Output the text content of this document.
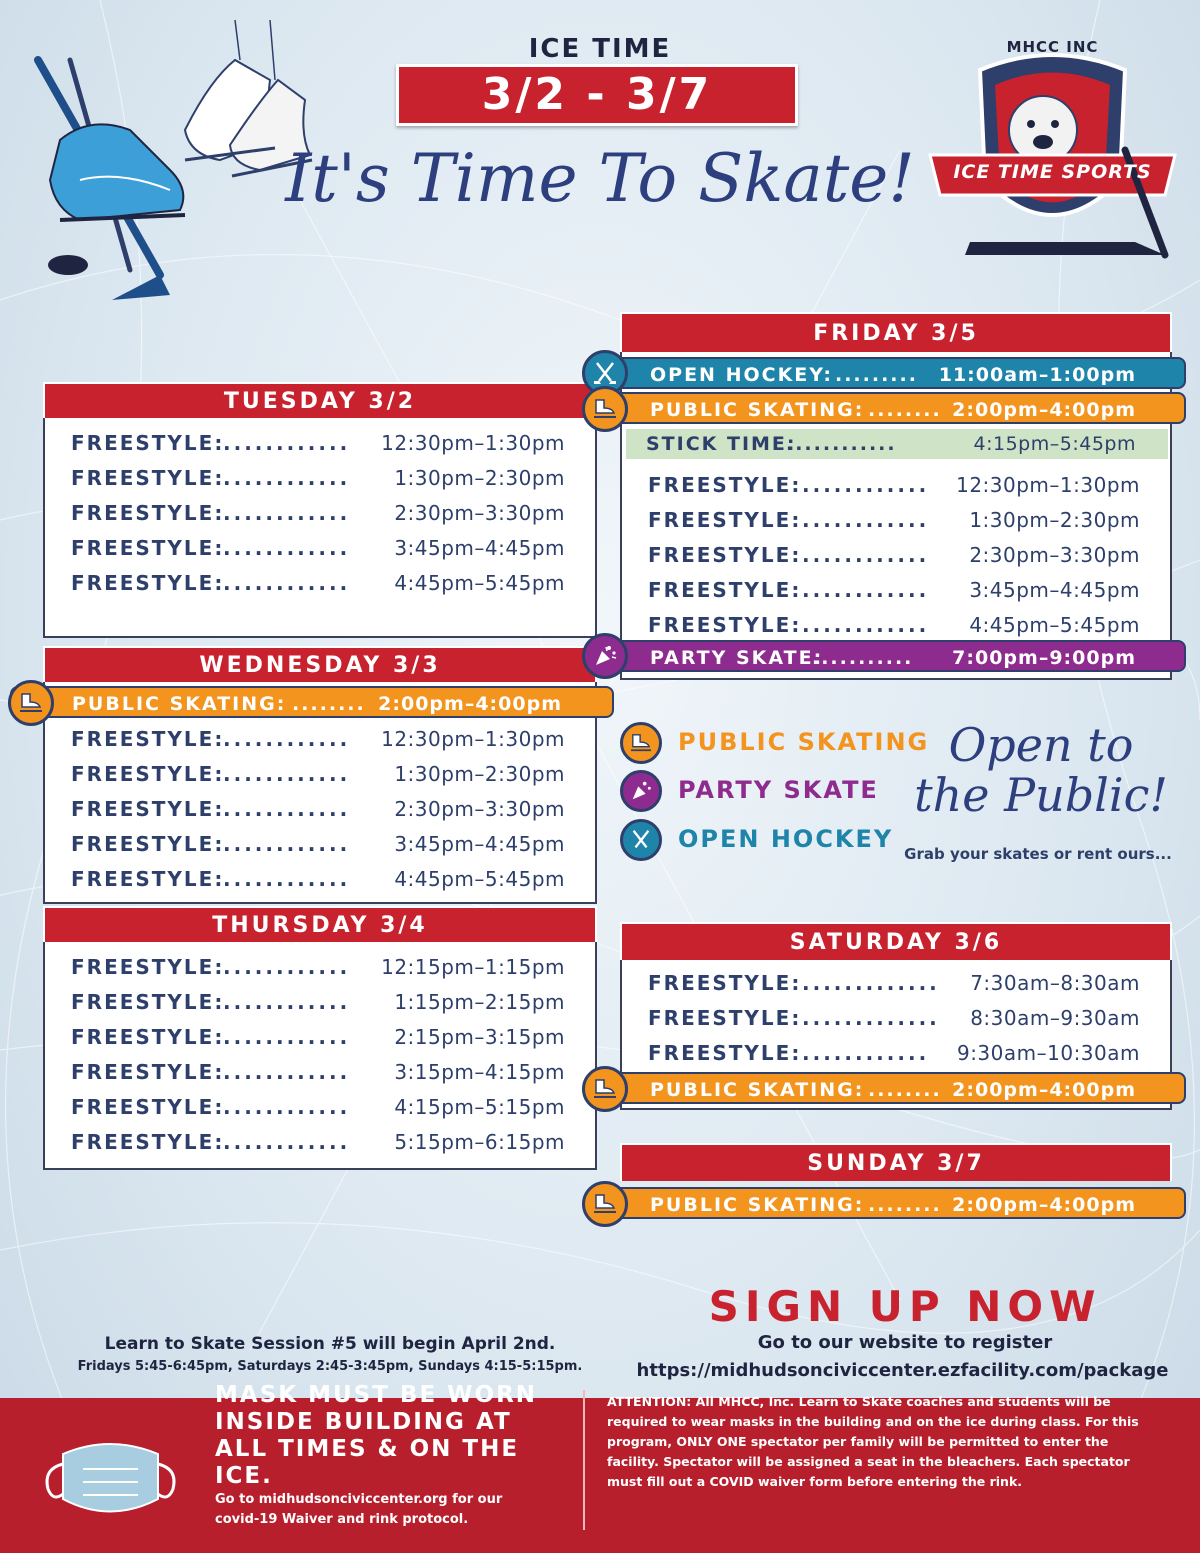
ICE TIME
3/2 - 3/7
It's Time To Skate!
MHCC INC
ICE TIME SPORTS
TUESDAY 3/2
FREESTYLE:
............ 12:30pm–1:30pm
FREESTYLE:
............ 1:30pm–2:30pm
FREESTYLE:
............ 2:30pm–3:30pm
FREESTYLE:
............ 3:45pm–4:45pm
FREESTYLE:
............ 4:45pm–5:45pm
WEDNESDAY 3/3
FREESTYLE:
............ 12:30pm–1:30pm
FREESTYLE:
............ 1:30pm–2:30pm
FREESTYLE:
............ 2:30pm–3:30pm
FREESTYLE:
............ 3:45pm–4:45pm
FREESTYLE:
............ 4:45pm–5:45pm
PUBLIC SKATING: ........ 2:00pm–4:00pm
THURSDAY 3/4
FREESTYLE:
............ 12:15pm–1:15pm
FREESTYLE:
............ 1:15pm–2:15pm
FREESTYLE:
............ 2:15pm–3:15pm
FREESTYLE:
............ 3:15pm–4:15pm
FREESTYLE:
............ 4:15pm–5:15pm
FREESTYLE:
............ 5:15pm–6:15pm
FRIDAY 3/5
FREESTYLE: ............ 12:30pm–1:30pm
FREESTYLE: ............ 1:30pm–2:30pm
FREESTYLE: ............ 2:30pm–3:30pm
FREESTYLE: ............ 3:45pm–4:45pm
FREESTYLE: ............ 4:45pm–5:45pm
OPEN HOCKEY: ......... 11:00am–1:00pm
PUBLIC SKATING: ........ 2:00pm–4:00pm
STICK TIME:
............	4:15pm–5:45pm
PARTY SKATE:
........... 7:00pm–9:00pm
PUBLIC SKATING
PARTY SKATE
OPEN HOCKEY
Open to
the Public!
Grab your skates or rent ours...
SATURDAY 3/6
FREESTYLE: ............. 7:30am–8:30am
FREESTYLE: ............. 8:30am–9:30am
FREESTYLE: ............ 9:30am–10:30am
PUBLIC SKATING: ........ 2:00pm–4:00pm
SUNDAY 3/7
PUBLIC SKATING: ........ 2:00pm–4:00pm
Learn to Skate Session #5 will begin April 2nd.
Fridays 5:45-6:45pm, Saturdays 2:45-3:45pm, Sundays 4:15-5:15pm.
SIGN UP NOW
Go to our website to register
https://midhudsonciviccenter.ezfacility.com/package
MASK MUST BE WORN INSIDE BUILDING AT ALL TIMES & ON THE ICE.
Go to midhudsonciviccenter.org for our covid-19 Waiver and rink protocol.
ATTENTION: All MHCC, Inc. Learn to Skate coaches and students will be required to wear masks in the building and on the ice during class. For this program, ONLY ONE spectator per family will be permitted to enter the facility. Spectator will be assigned a seat in the bleachers. Each spectator must fill out a COVID waiver form before entering the rink.
